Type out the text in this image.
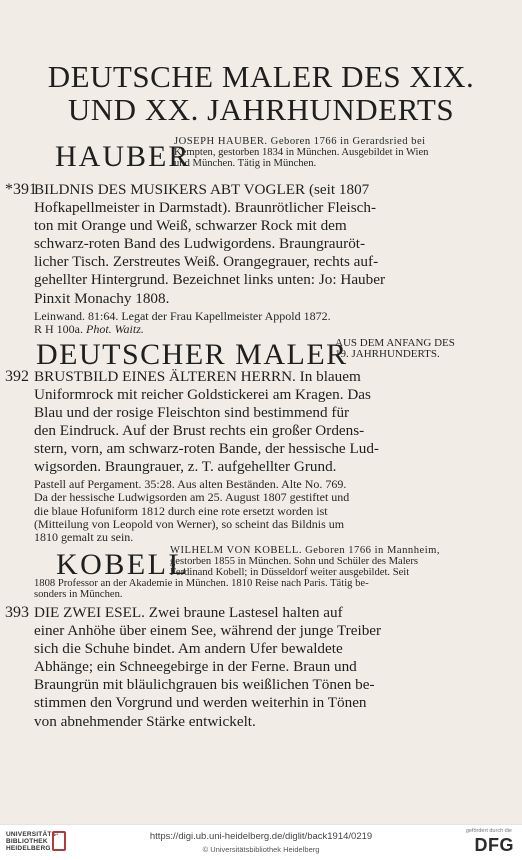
DEUTSCHE MALER DES XIX.
UND XX. JAHRHUNDERTS
HAUBER
JOSEPH HAUBER. Geboren 1766 in Gerardsried bei
Kempten, gestorben 1834 in München. Ausgebildet in Wien
und München. Tätig in München.
*391
BILDNIS DES MUSIKERS ABT VOGLER (seit 1807
Hofkapellmeister in Darmstadt). Braunrötlicher Fleisch-
ton mit Orange und Weiß, schwarzer Rock mit dem
schwarz-roten Band des Ludwigordens. Braungrauröt-
licher Tisch. Zerstreutes Weiß. Orangegrauer, rechts auf-
gehellter Hintergrund. Bezeichnet links unten: Jo: Hauber
Pinxit Monachy 1808.
Leinwand. 81:64. Legat der Frau Kapellmeister Appold 1872.
R H 100a. Phot. Waitz.
DEUTSCHER MALER
AUS DEM ANFANG DES
19. JAHRHUNDERTS.
392 BRUSTBILD EINES ÄLTEREN HERRN. In blauem
Uniformrock mit reicher Goldstickerei am Kragen. Das
Blau und der rosige Fleischton sind bestimmend für
den Eindruck. Auf der Brust rechts ein großer Ordens-
stern, vorn, am schwarz-roten Bande, der hessische Lud-
wigsorden. Braungrauer, z. T. aufgehellter Grund.
Pastell auf Pergament. 35:28. Aus alten Beständen. Alte No. 769.
Da der hessische Ludwigsorden am 25. August 1807 gestiftet und
die blaue Hofuniform 1812 durch eine rote ersetzt worden ist
(Mitteilung von Leopold von Werner), so scheint das Bildnis um
1810 gemalt zu sein.
KOBELL
WILHELM VON KOBELL. Geboren 1766 in Mannheim,
gestorben 1855 in München. Sohn und Schüler des Malers
Ferdinand Kobell; in Düsseldorf weiter ausgebildet. Seit
1808 Professor an der Akademie in München. 1810 Reise nach Paris. Tätig be-
sonders in München.
393 DIE ZWEI ESEL. Zwei braune Lastesel halten auf
einer Anhöhe über einem See, während der junge Treiber
sich die Schuhe bindet. Am andern Ufer bewaldete
Abhänge; ein Schneegebirge in der Ferne. Braun und
Braungrün mit bläulichgrauen bis weißlichen Tönen be-
stimmen den Vorgrund und werden weiterhin in Tönen
von abnehmender Stärke entwickelt.
UNIVERSITÄTS-
BIBLIOTHEK
HEIDELBERG
https://digi.ub.uni-heidelberg.de/diglit/back1914/0219
© Universitätsbibliothek Heidelberg
gefördert durch die
DFG
